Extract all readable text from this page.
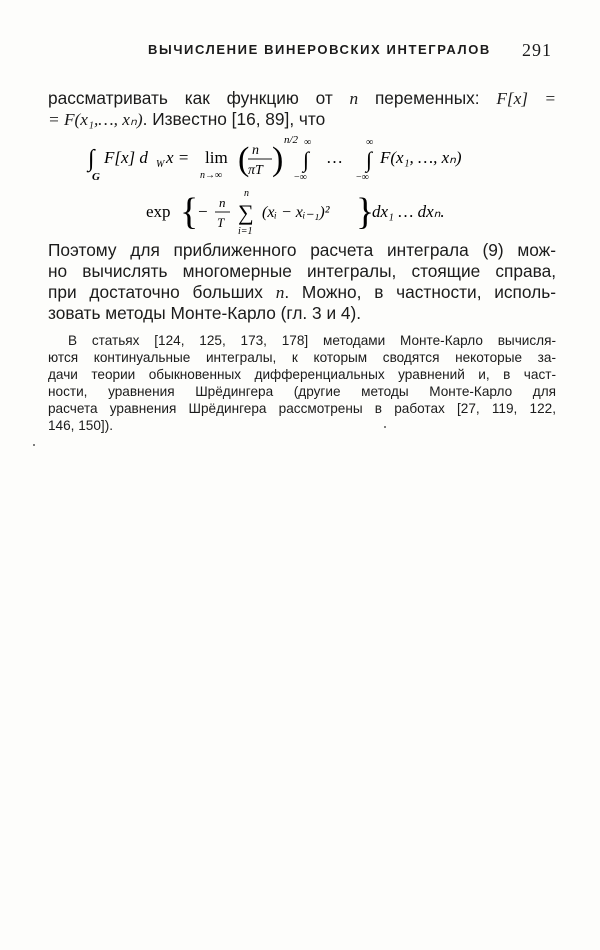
ВЫЧИСЛЕНИЕ ВИНЕРОВСКИХ ИНТЕГРАЛОВ 291
рассматривать как функцию от n переменных: F[x] =
= F(x₁,…, xₙ). Известно [16, 89], что
∫
G
F[x] d W x = lim
n→∞ ( n
πT )
n/2 ∞
∫
−∞
…
∞
∫
−∞
F(x₁, …, xₙ)
exp { − n
T
n
∑
i=1
(xᵢ − xᵢ₋₁)² }
dx₁ … dxₙ.
Поэтому для приближенного расчета интеграла (9) мож-
но вычислять многомерные интегралы, стоящие справа,
при достаточно больших n. Можно, в частности, исполь-
зовать методы Монте-Карло (гл. 3 и 4).
В статьях [124, 125, 173, 178] методами Монте-Карло вычисля-
ются континуальные интегралы, к которым сводятся некоторые за-
дачи теории обыкновенных дифференциальных уравнений и, в част-
ности, уравнения Шрёдингера (другие методы Монте-Карло для
расчета уравнения Шрёдингера рассмотрены в работах [27, 119, 122,
146, 150]).
